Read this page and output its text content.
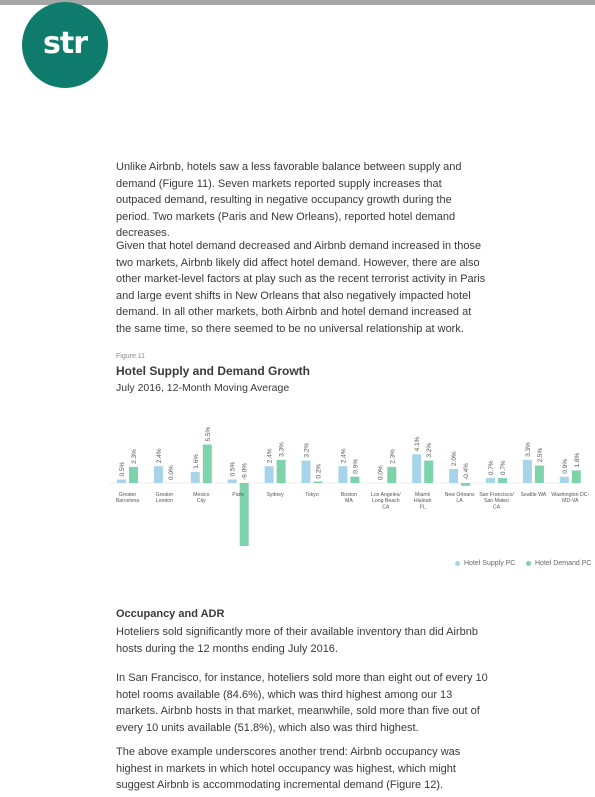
str

Unlike Airbnb, hotels saw a less favorable balance between supply and demand (Figure 11). Seven markets reported supply increases that outpaced demand, resulting in negative occupancy growth during the period. Two markets (Paris and New Orleans), reported hotel demand decreases.

Given that hotel demand decreased and Airbnb demand increased in those two markets, Airbnb likely did affect hotel demand. However, there are also other market-level factors at play such as the recent terrorist activity in Paris and large event shifts in New Orleans that also negatively impacted hotel demand. In all other markets, both Airbnb and hotel demand increased at the same time, so there seemed to be no universal relationship at work.

Figure 11
Hotel Supply and Demand Growth
July 2016, 12-Month Moving Average
0.5%
2.3%
Greater Barcelona
2.4%
0.0%
Greater London
1.6%
5.5%
Mexico City
0.5% -9.0%
Paris
2.4% 3.3%
Sydney
3.2%
0.2%
Tokyo
2.4%
0.9%
Boston MA
0.0%
2.3%
Los Angeles/ Long Beach CA
4.1% 3.2%
Miami/ Hialeah FL
2.0%
-0.4%
New Orleans LA
0.7% 0.7%
San Francisco/ San Mateo CA
3.3% 2.5%
Seattle WA
0.9% 1.8%
Washington DC-MD-VA
Hotel Supply PC	Hotel Demand PC
Occupancy and ADR

Hoteliers sold significantly more of their available inventory than did Airbnb hosts during the 12 months ending July 2016.

In San Francisco, for instance, hoteliers sold more than eight out of every 10 hotel rooms available (84.6%), which was third highest among our 13 markets. Airbnb hosts in that market, meanwhile, sold more than five out of every 10 units available (51.8%), which also was third highest.

The above example underscores another trend: Airbnb occupancy was highest in markets in which hotel occupancy was highest, which might suggest Airbnb is accommodating incremental demand (Figure 12).
